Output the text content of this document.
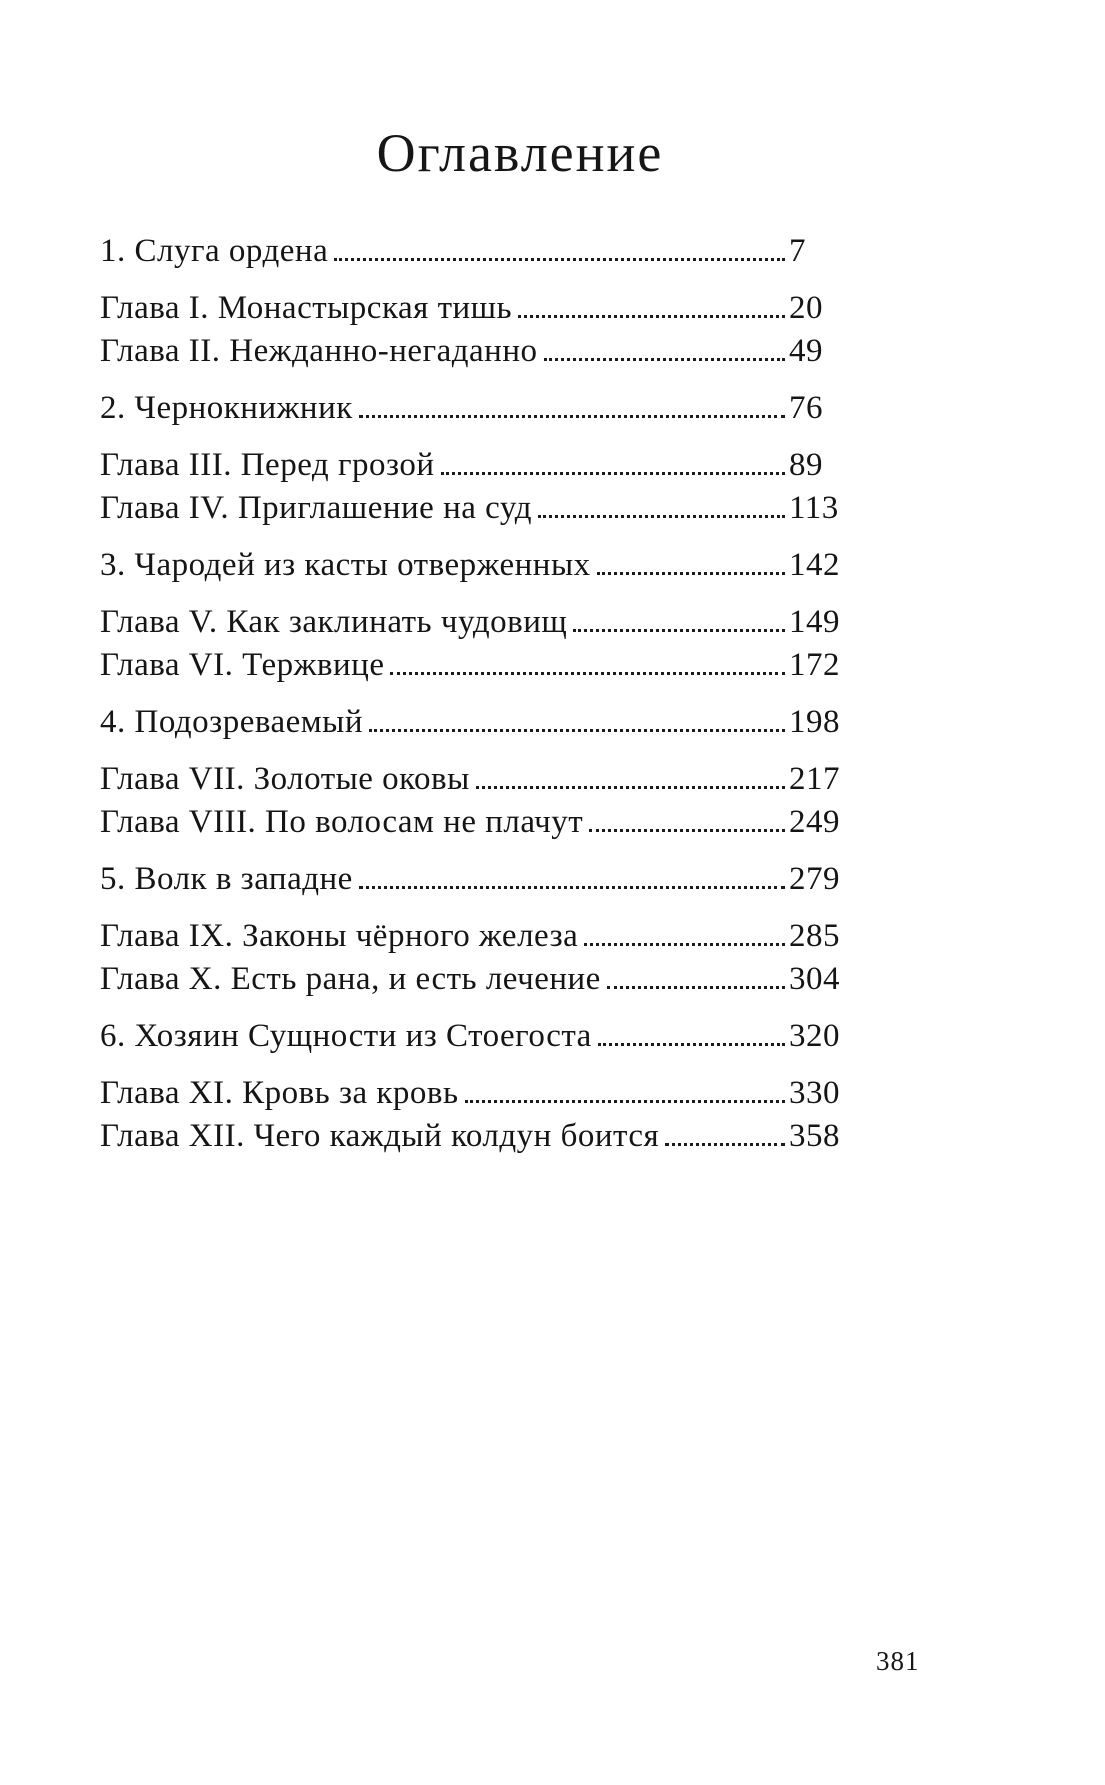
Оглавление
1. Слуга ордена	7
Глава I. Монастырская тишь	20
Глава II. Нежданно-негаданно	49
2. Чернокнижник	76
Глава III. Перед грозой	89
Глава IV. Приглашение на суд	113
3. Чародей из касты отверженных	142
Глава V. Как заклинать чудовищ	149
Глава VI. Тержвице	172
4. Подозреваемый	198
Глава VII. Золотые оковы	217
Глава VIII. По волосам не плачут	249
5. Волк в западне	279
Глава IX. Законы чёрного железа	285
Глава X. Есть рана, и есть лечение	304
6. Хозяин Сущности из Стоегоста	320
Глава XI. Кровь за кровь	330
Глава XII. Чего каждый колдун боится	358
381
